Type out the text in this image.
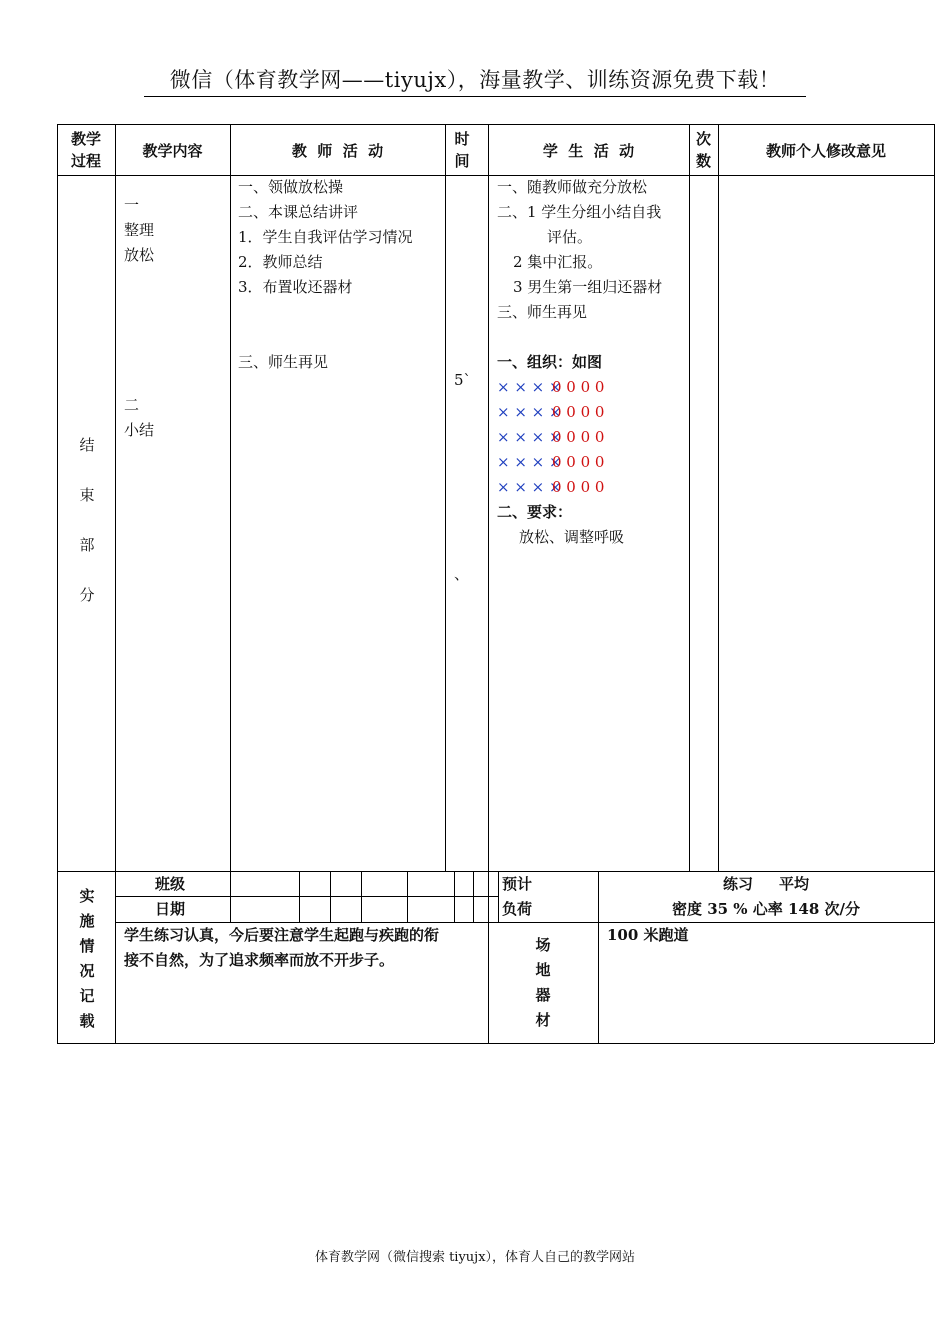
微信（体育教学网——tiyujx），海量教学、训练资源免费下载！
教学
过程
教学内容	教  师  活  动
时
间
学  生  活  动
次
数
教师个人修改意见
结
束
部
分
一
整理
放松
二
小结
一、领做放松操
二、本课总结讲评
1．学生自我评估学习情况
2．教师总结
3．布置收还器材
三、师生再见
5`
、
一、随教师做充分放松
二、1 学生分组小结自我
评估。
2 集中汇报。
3 男生第一组归还器材
三、师生再见
一、组织：如图
× × × ×
0 0 0 0
× × × ×
0 0 0 0
× × × ×
0 0 0 0
× × × ×
0 0 0 0
× × × ×
0 0 0 0
二、要求：
放松、调整呼吸
实
施
情
况
记
载
班级
日期
预计
负荷
练习     平均
密度 35 % 心率 148 次/分
学生练习认真，今后要注意学生起跑与疾跑的衔
接不自然，为了追求频率而放不开步子。
场
地
器
材
100 米跑道
体育教学网（微信搜索 tiyujx），体育人自己的教学网站
